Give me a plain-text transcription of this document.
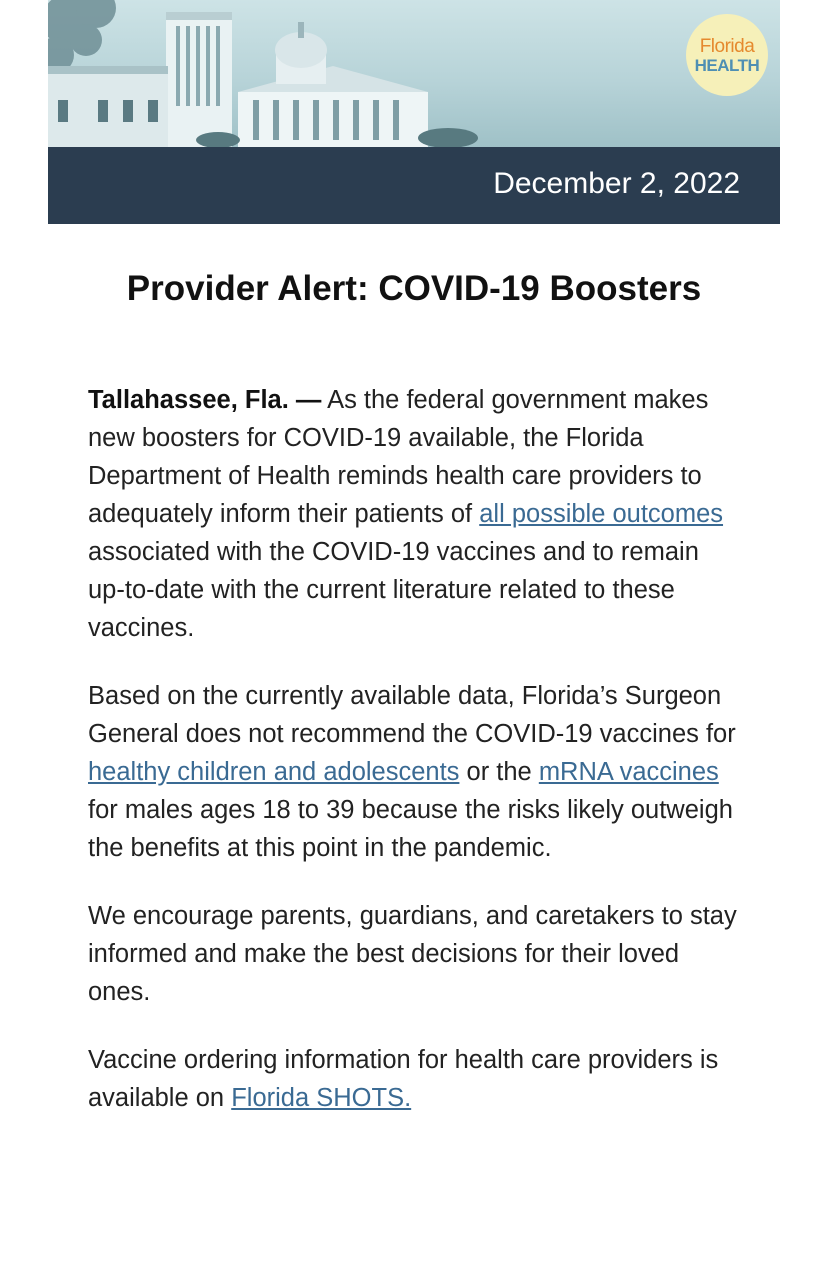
Florida
HEALTH
December 2, 2022
Provider Alert: COVID-19 Boosters

Tallahassee, Fla. — As the federal government makes new boosters for COVID-19 available, the Florida Department of Health reminds health care providers to adequately inform their patients of all possible outcomes associated with the COVID-19 vaccines and to remain up-to-date with the current literature related to these vaccines.

Based on the currently available data, Florida’s Surgeon General does not recommend the COVID-19 vaccines for healthy children and adolescents or the mRNA vaccines for males ages 18 to 39 because the risks likely outweigh the benefits at this point in the pandemic.

We encourage parents, guardians, and caretakers to stay informed and make the best decisions for their loved ones.

Vaccine ordering information for health care providers is available on Florida SHOTS.
